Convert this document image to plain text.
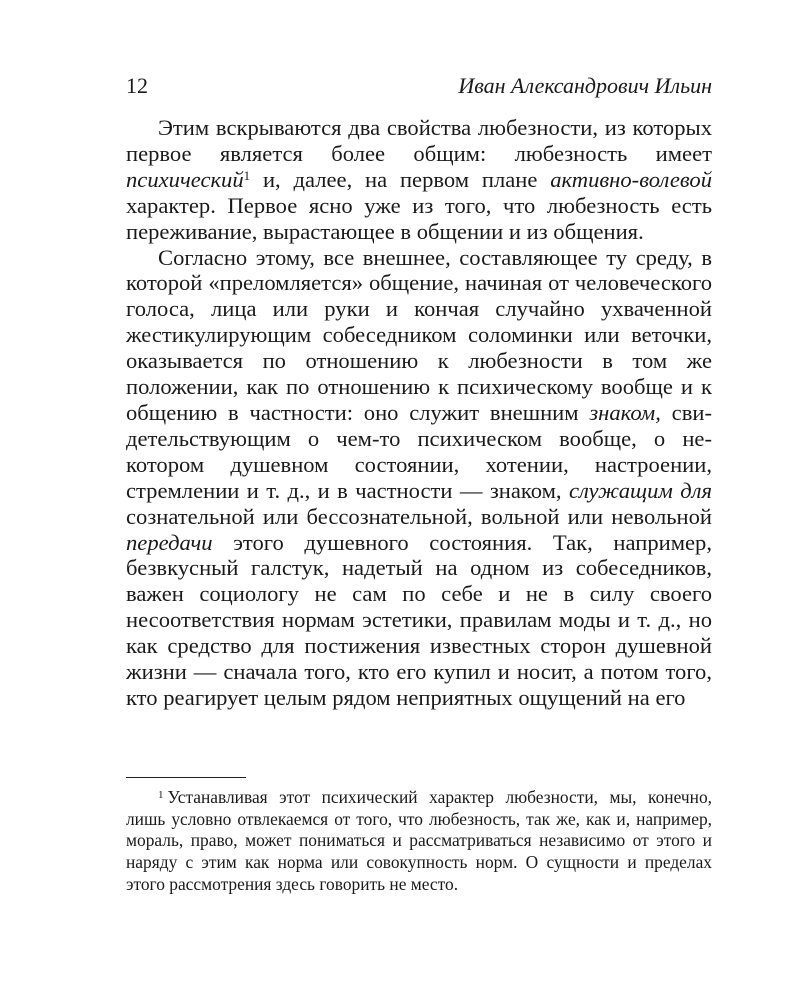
12	Иван Александрович Ильин

Этим вскрываются два свойства любезности, из которых первое является более общим: любезность имеет психический$^1$ и, далее, на первом плане активно-волевой характер. Первое ясно уже из того, что любезность есть переживание, вырастающее в общении и из общения.

Согласно этому, все внешнее, составляющее ту среду, в которой «преломляется» общение, начиная от человеческого голоса, лица или руки и кончая случайно ухваченной жестикулирующим собеседником соломинки или веточки, оказывается по отношению к любезности в том же положении, как по отношению к психическому вообще и к общению в частности: оно служит внешним знаком, свидетельствующим о чем-то психическом вообще, о некотором душевном состоянии, хотении, настроении, стремлении и т. д., и в частности — знаком, служащим для сознательной или бессознательной, вольной или невольной передачи этого душевного состояния. Так, например, безвкусный галстук, надетый на одном из собеседников, важен социологу не сам по себе и не в силу своего несоответствия нормам эстетики, правилам моды и т. д., но как средство для постижения известных сторон душевной жизни — сначала того, кто его купил и носит, а потом того, кто реагирует целым рядом неприятных ощущений на его

$^1$ Устанавливая этот психический характер любезности, мы, конечно, лишь условно отвлекаемся от того, что любезность, так же, как и, например, мораль, право, может пониматься и рассматриваться независимо от этого и наряду с этим как норма или совокупность норм. О сущности и пределах этого рассмотрения здесь говорить не место.
